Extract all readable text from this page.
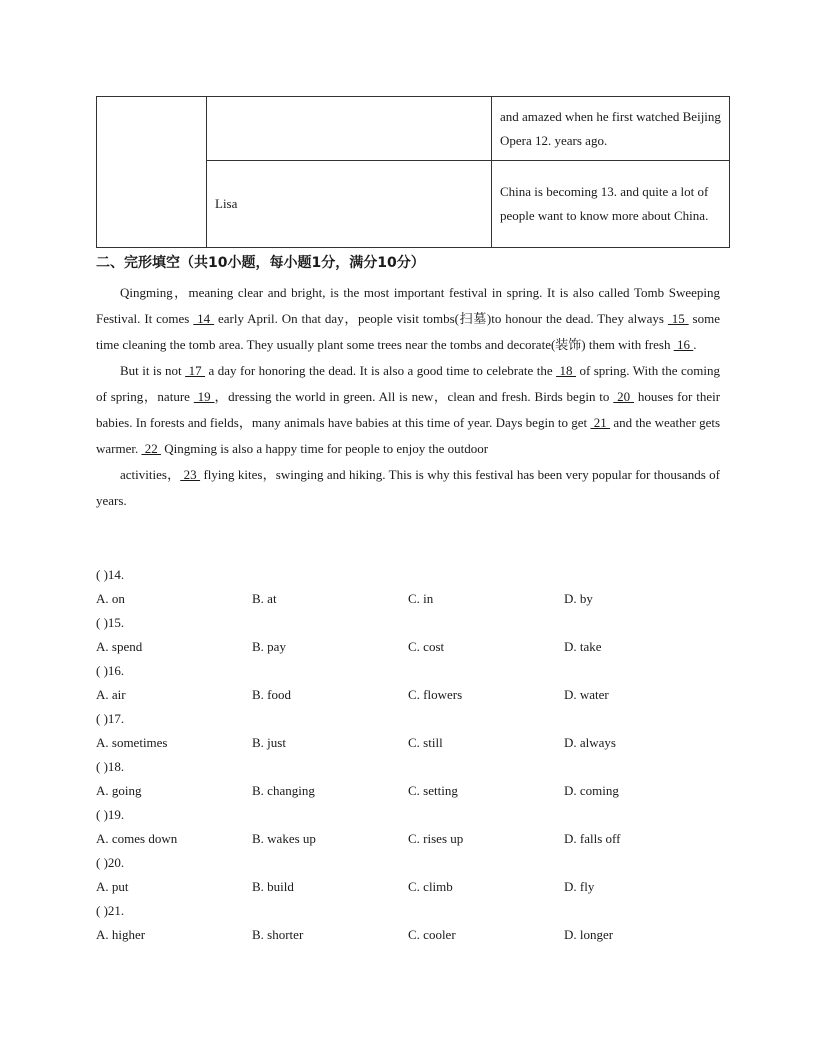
		and amazed when he first watched Beijing Opera 12. years ago.
	Lisa	China is becoming 13. and quite a lot of people want to know more about China.
二、完形填空（共10小题，每小题1分，满分10分）

Qingming，meaning clear and bright, is the most important festival in spring. It is also called Tomb Sweeping Festival. It comes  14  early April. On that day，people visit tombs(扫墓)to honour the dead. They always  15  some time cleaning the tomb area. They usually plant some trees near the tombs and decorate(装饰) them with fresh  16 .

But it is not  17  a day for honoring the dead. It is also a good time to celebrate the  18  of spring. With the coming of spring，nature  19 ，dressing the world in green. All is new，clean and fresh. Birds begin to  20  houses for their babies. In forests and fields，many animals have babies at this time of year. Days begin to get  21  and the weather gets warmer.  22  Qingming is also a happy time for people to enjoy the outdoor

activities， 23  flying kites，swinging and hiking. This is why this festival has been very popular for thousands of years.

( )14.
A. on	B. at	C. in	D. by
( )15.
A. spend	B. pay	C. cost	D. take
( )16.
A. air	B. food	C. flowers	D. water
( )17.
A. sometimes	B. just	C. still	D. always
( )18.
A. going	B. changing	C. setting	D. coming
( )19.
A. comes down	B. wakes up	C. rises up	D. falls off
( )20.
A. put	B. build	C. climb	D. fly
( )21.
A. higher	B. shorter	C. cooler	D. longer
